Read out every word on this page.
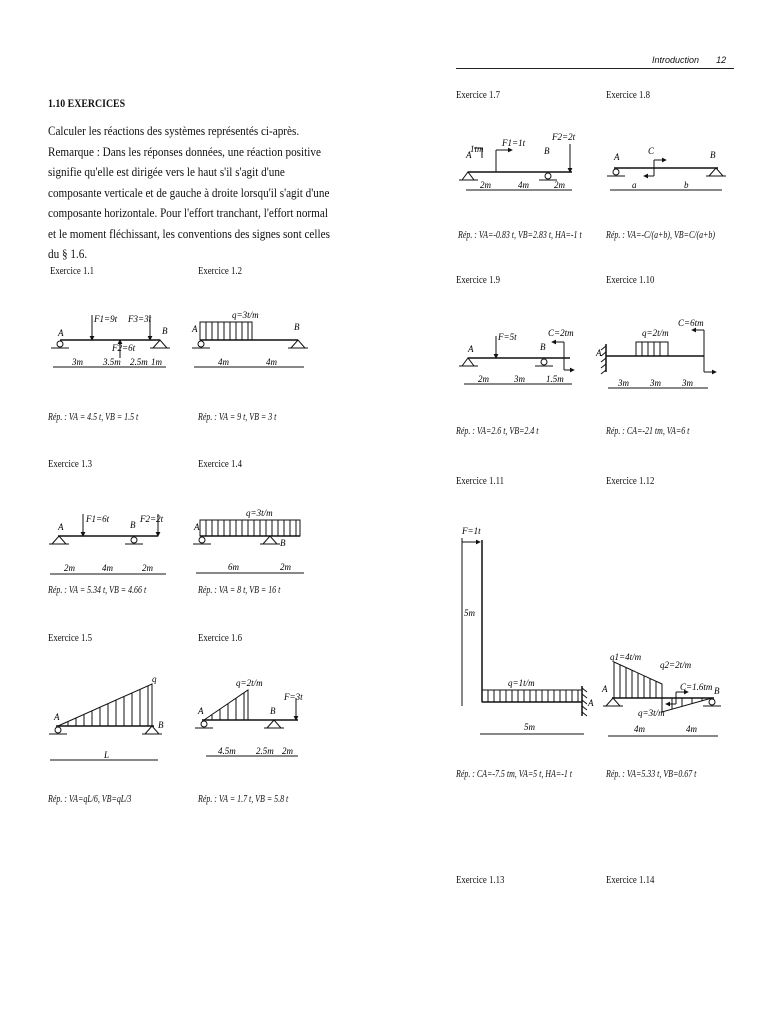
Introduction 12
1.10 EXERCICES
Calculer les réactions des systèmes représentés ci-après.
Remarque : Dans les réponses données, une réaction positive signifie qu'elle est dirigée vers le haut s'il s'agit d'une composante verticale et de gauche à droite lorsqu'il s'agit d'une composante horizontale. Pour l'effort tranchant, l'effort normal et le moment fléchissant, les conventions des signes sont celles du § 1.6.
Exercice 1.1	Exercice 1.2
Exercice 1.3	Exercice 1.4
Exercice 1.5	Exercice 1.6
Exercice 1.7	Exercice 1.8
Exercice 1.9	Exercice 1.10
Exercice 1.11	Exercice 1.12
Exercice 1.13	Exercice 1.14
Rép. : VA = 4.5 t, VB = 1.5 t	Rép. : VA = 9 t, VB = 3 t
Rép. : VA = 5.34 t, VB = 4.66 t	Rép. : VA = 8 t, VB = 16 t
Rép. : VA=qL/6, VB=qL/3	Rép. : VA = 1.7 t, VB = 5.8 t
Rép. : VA=-0.83 t, VB=2.83 t, HA=-1 t Rép. : VA=-C/(a+b), VB=C/(a+b)
Rép. : VA=2.6 t, VB=2.4 t	Rép. : CA=-21 tm, VA=6 t
Rép. : CA=-7.5 tm, VA=5 t, HA=-1 t	Rép. : VA=5.33 t, VB=0.67 t
A	B
F1=9t F3=3t
F2=6t
3m 3.5m 2.5m 1m
A	B
q=3t/m
4m	4m
A	B
F1=6t	F2=2t
2m	4m	2m
A
B
q=3t/m
6m	2m
A
B
q
L
A	B
q=2t/m
F=3t
4.5m 2.5m 2m
A	B
1tm
F1=1t
F2=2t
2m	4m	2m
A	B
C
a	b
A	B
F=5t	C=2tm
2m	3m 1.5m
A
q=2t/m
C=6tm
3m 3m 3m
F=1t
5m
q=1t/m
A
5m
q1=4t/m
q2=2t/m
C=1.6tm
q=3t/m
A	B
4m	4m
